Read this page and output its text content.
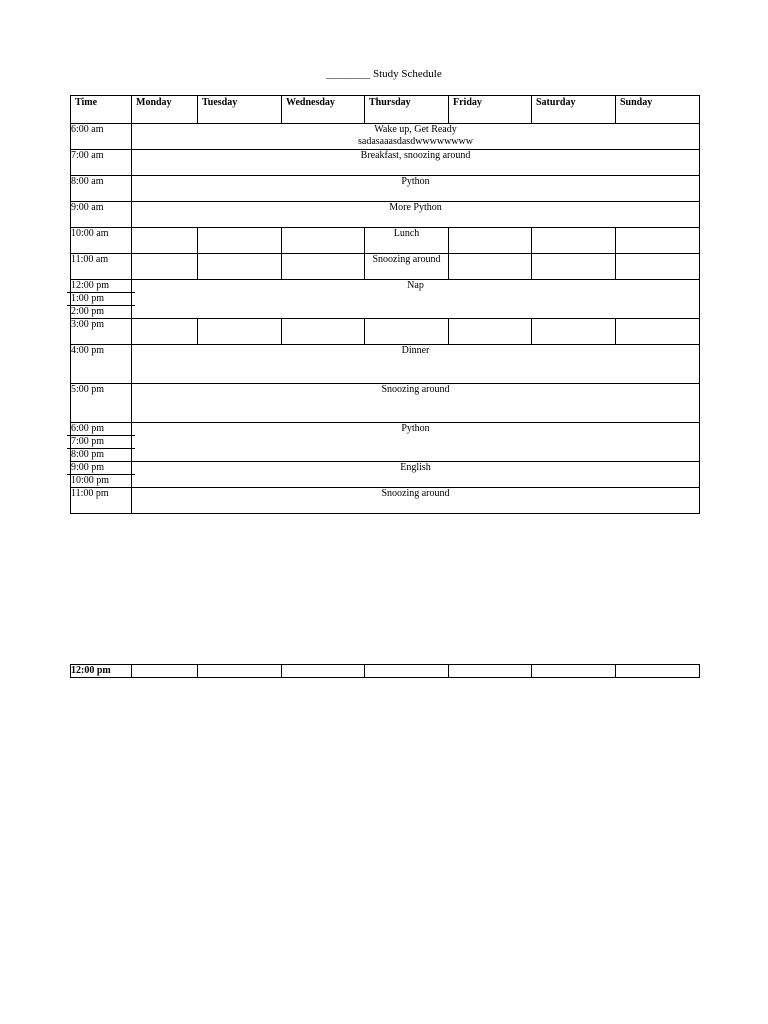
________ Study Schedule
Time	Monday	Tuesday	Wednesday	Thursday	Friday	Saturday	Sunday
6:00 am	Wake up, Get Ready
sadasaaasdasdwwwwwwww						

7:00 am	Breakfast, snoozing around						
8:00 am	Python						
9:00 am	More Python						
10:00 am				Lunch			
11:00 am				Snoozing around			

12:00 pm
1:00 pm
2:00 pm	Nap						
3:00 pm							
4:00 pm	Dinner						
5:00 pm	Snoozing around						

6:00 pm
7:00 pm
8:00 pm	Python						

9:00 pm
10:00 pm	English						
11:00 pm	Snoozing around						
12:00 pm							
